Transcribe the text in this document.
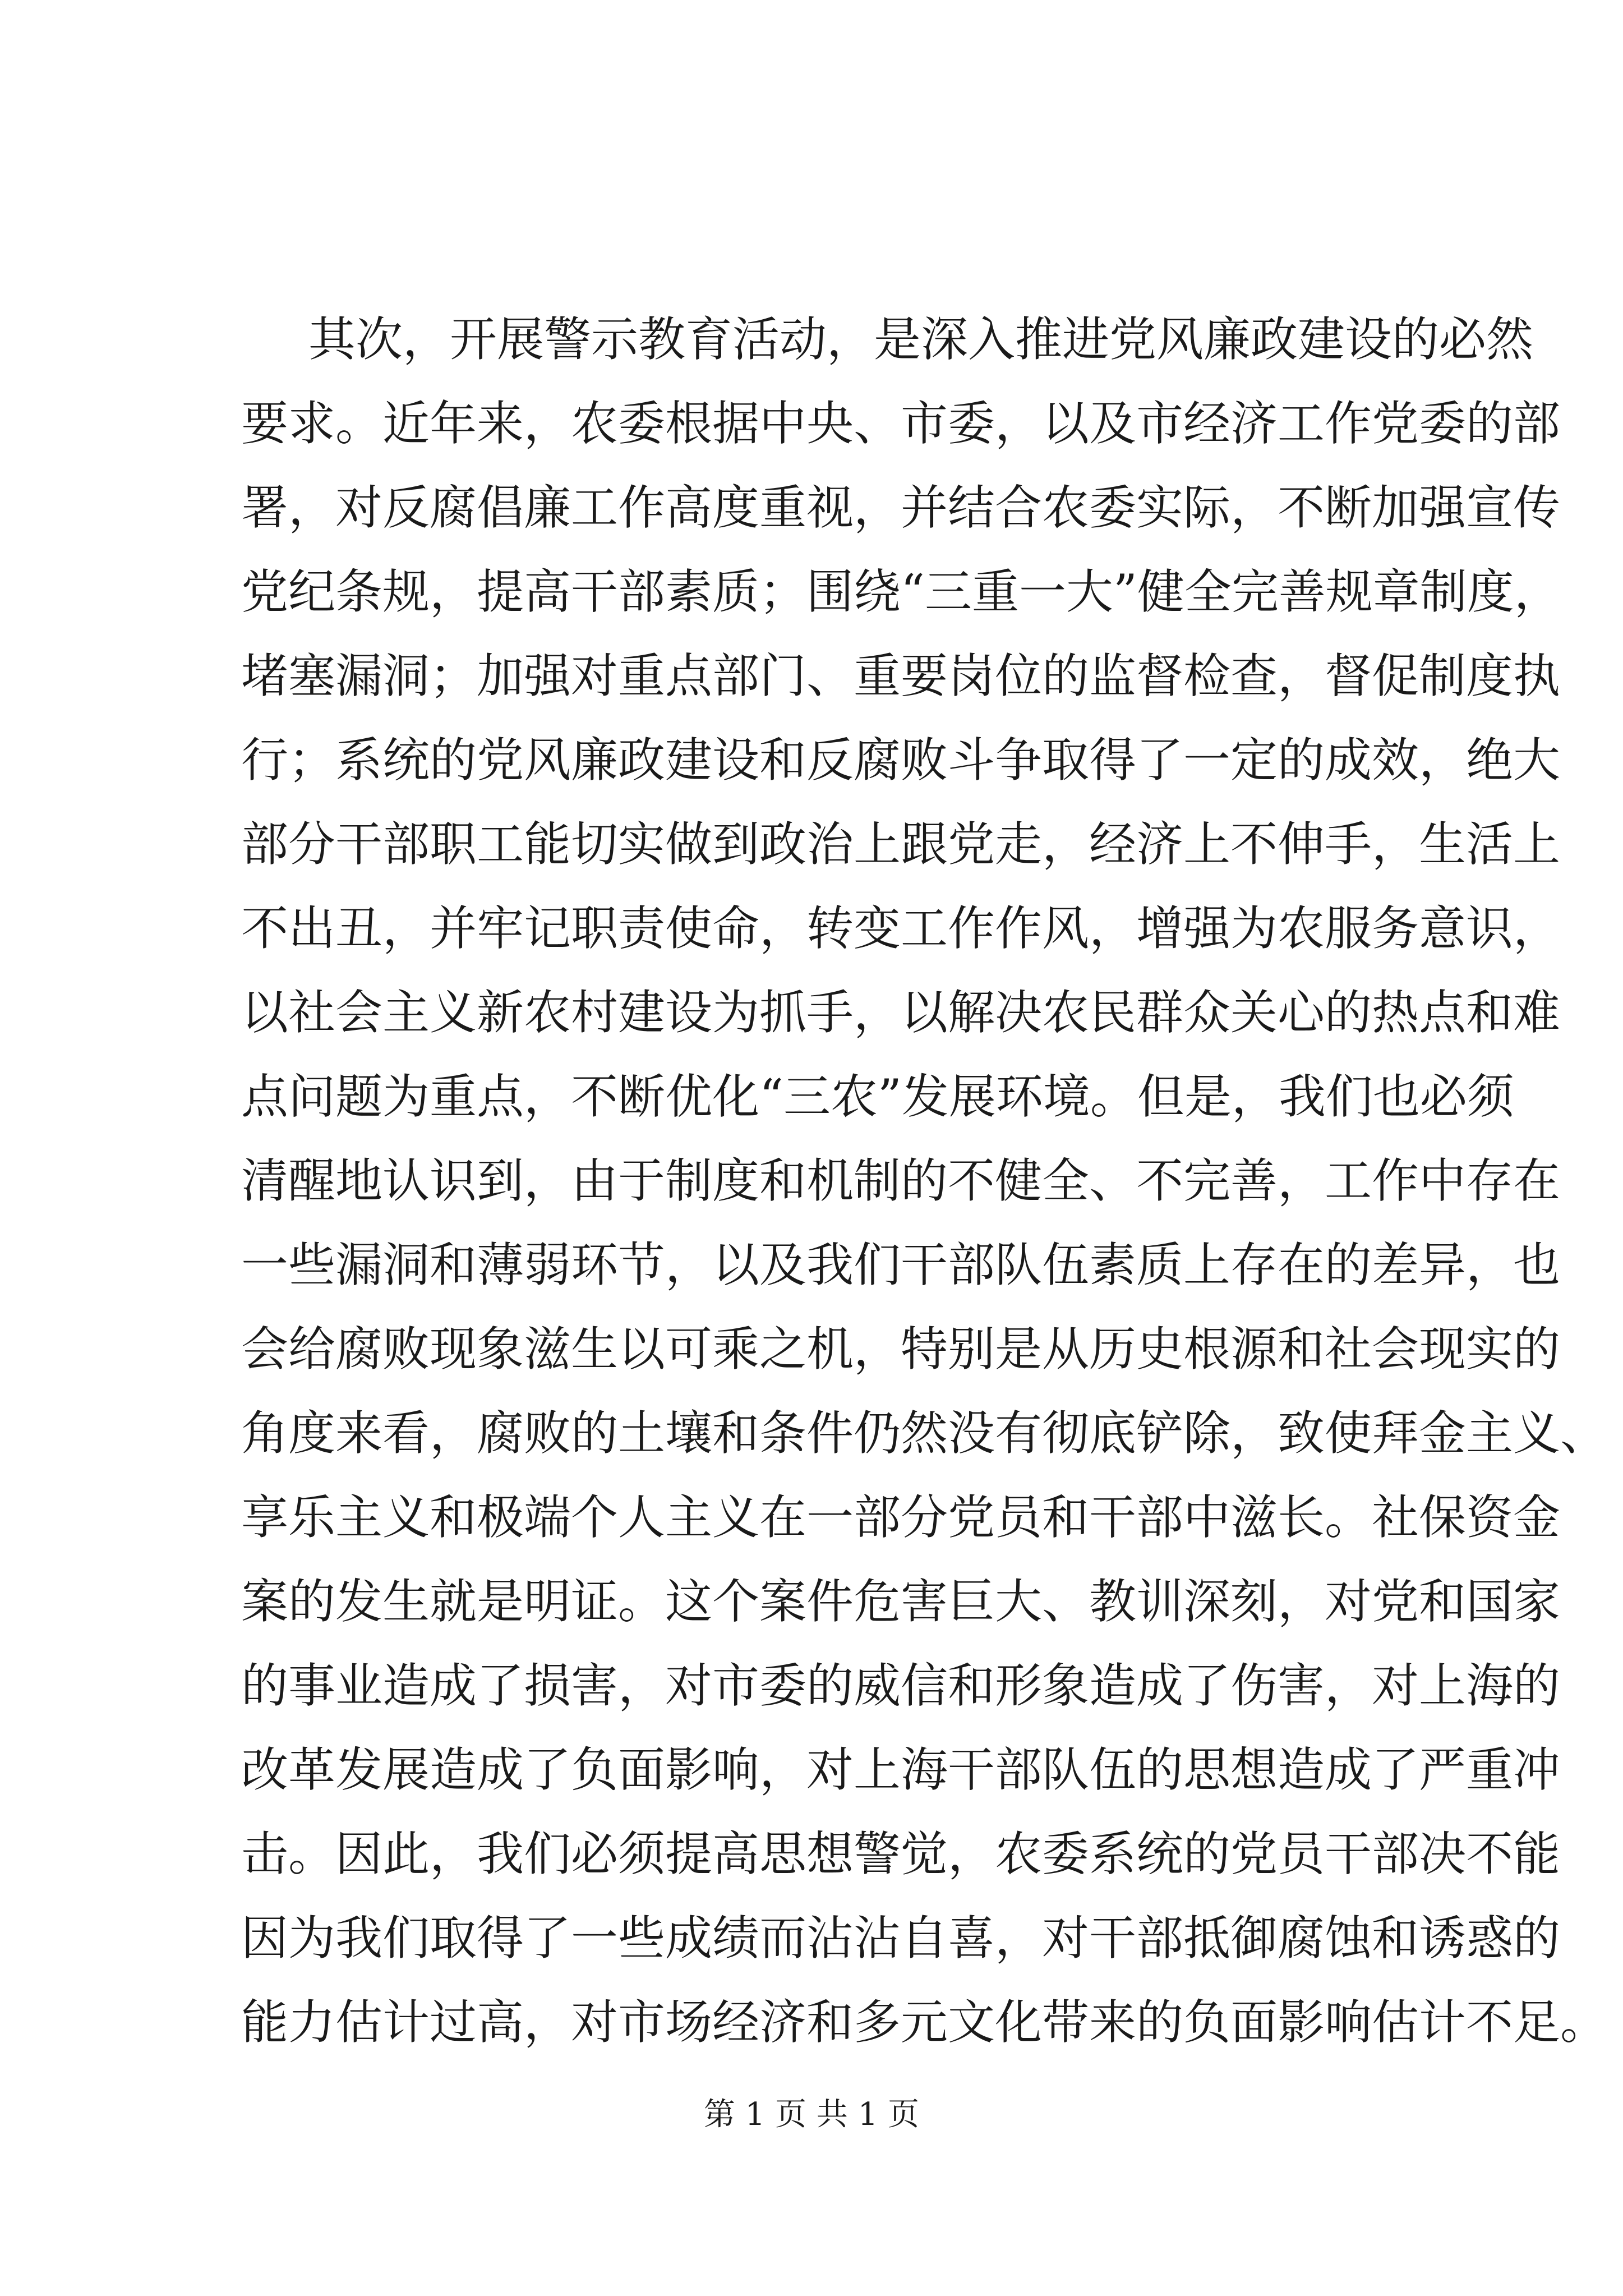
其次，开展警示教育活动，是深入推进党风廉政建设的必然
要求。近年来，农委根据中央、市委，以及市经济工作党委的部
署，对反腐倡廉工作高度重视，并结合农委实际，不断加强宣传
党纪条规，提高干部素质；围绕“三重一大”健全完善规章制度，
堵塞漏洞；加强对重点部门、重要岗位的监督检查，督促制度执
行；系统的党风廉政建设和反腐败斗争取得了一定的成效，绝大
部分干部职工能切实做到政治上跟党走，经济上不伸手，生活上
不出丑，并牢记职责使命，转变工作作风，增强为农服务意识，
以社会主义新农村建设为抓手，以解决农民群众关心的热点和难
点问题为重点，不断优化“三农”发展环境。但是，我们也必须
清醒地认识到，由于制度和机制的不健全、不完善，工作中存在
一些漏洞和薄弱环节，以及我们干部队伍素质上存在的差异，也
会给腐败现象滋生以可乘之机，特别是从历史根源和社会现实的
角度来看，腐败的土壤和条件仍然没有彻底铲除，致使拜金主义、
享乐主义和极端个人主义在一部分党员和干部中滋长。社保资金
案的发生就是明证。这个案件危害巨大、教训深刻，对党和国家
的事业造成了损害，对市委的威信和形象造成了伤害，对上海的
改革发展造成了负面影响，对上海干部队伍的思想造成了严重冲
击。因此，我们必须提高思想警觉，农委系统的党员干部决不能
因为我们取得了一些成绩而沾沾自喜，对干部抵御腐蚀和诱惑的
能力估计过高，对市场经济和多元文化带来的负面影响估计不足。
第 1 页 共 1 页
